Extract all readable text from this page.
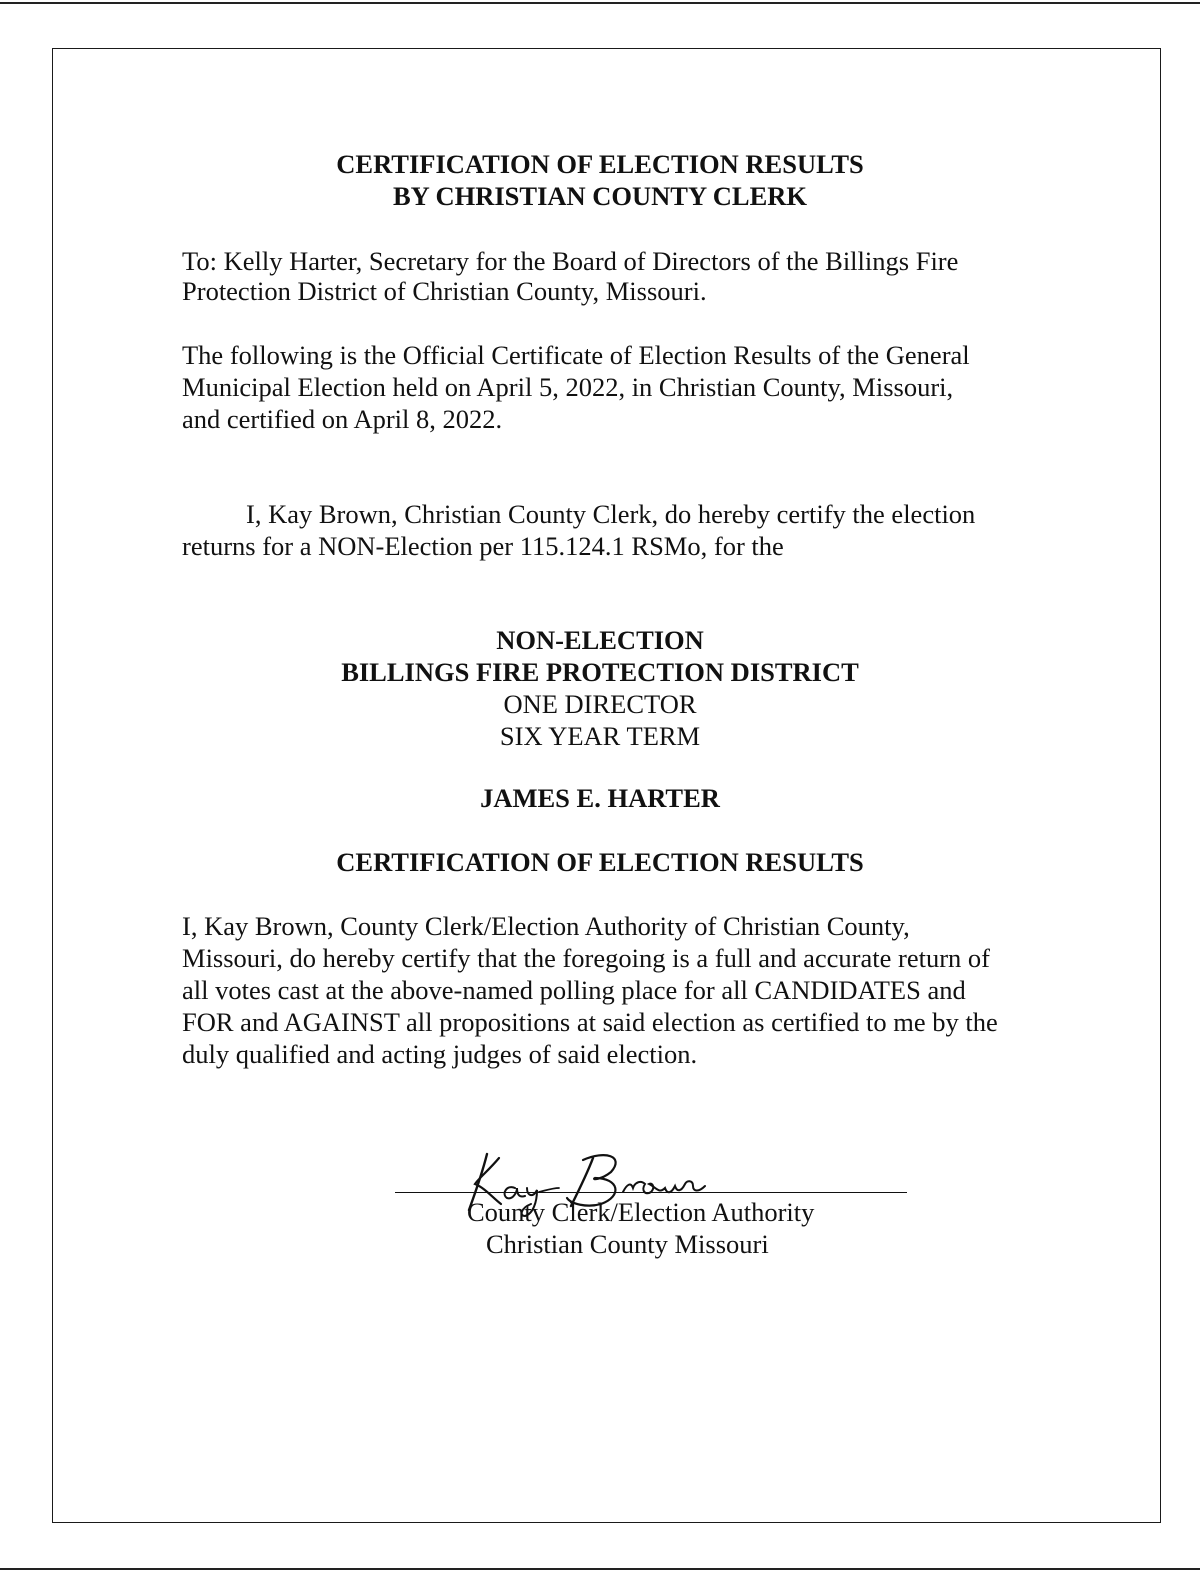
CERTIFICATION OF ELECTION RESULTS
BY CHRISTIAN COUNTY CLERK
To: Kelly Harter, Secretary for the Board of Directors of the Billings Fire
Protection District of Christian County, Missouri.
The following is the Official Certificate of Election Results of the General
Municipal Election held on April 5, 2022, in Christian County, Missouri,
and certified on April 8, 2022.
I, Kay Brown, Christian County Clerk, do hereby certify the election
returns for a NON-Election per 115.124.1 RSMo, for the
NON-ELECTION
BILLINGS FIRE PROTECTION DISTRICT
ONE DIRECTOR
SIX YEAR TERM
JAMES E. HARTER
CERTIFICATION OF ELECTION RESULTS
I, Kay Brown, County Clerk/Election Authority of Christian County,
Missouri, do hereby certify that the foregoing is a full and accurate return of
all votes cast at the above-named polling place for all CANDIDATES and
FOR and AGAINST all propositions at said election as certified to me by the
duly qualified and acting judges of said election.
County Clerk/Election Authority
Christian County Missouri
